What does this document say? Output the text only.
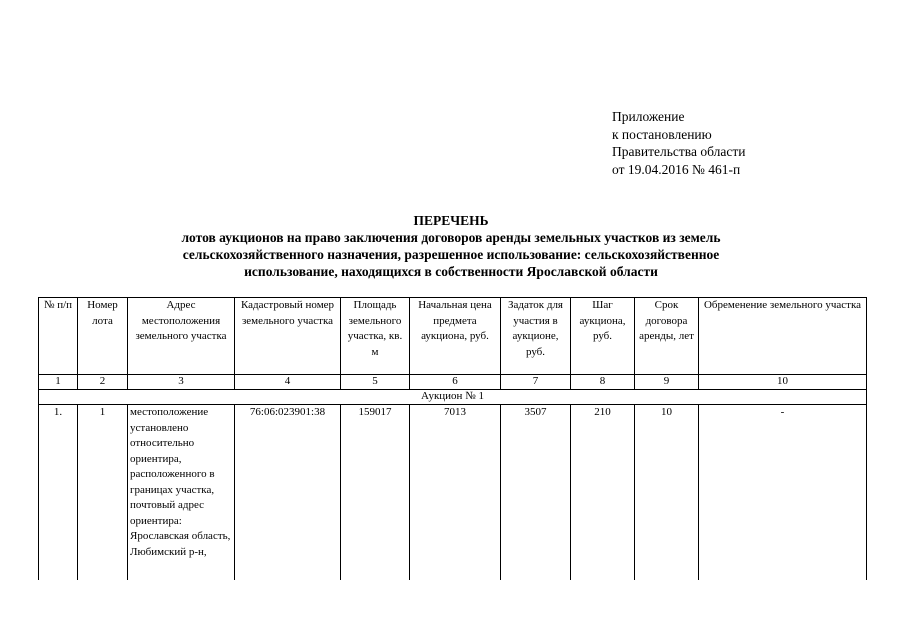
Приложение
к постановлению
Правительства области
от 19.04.2016 № 461-п
ПЕРЕЧЕНЬ
лотов аукционов на право заключения договоров аренды земельных участков из земель
сельскохозяйственного назначения, разрешенное использование: сельскохозяйственное
использование, находящихся в собственности Ярославской области
№ п/п	Номер лота	Адрес местоположения земельного участка	Кадастровый номер земельного участка	Площадь земельного участка, кв. м	Начальная цена предмета аукциона, руб.	Задаток для участия в аукционе, руб.	Шаг аукциона, руб.	Срок договора аренды, лет	Обременение земельного участка
1	2	3	4	5	6	7	8	9	10
Аукцион № 1									
1.	1	местоположение установлено относительно ориентира, расположенного в границах участка, почтовый адрес ориентира: Ярославская область, Любимский р-н,	76:06:023901:38	159017	7013	3507	210	10	-
